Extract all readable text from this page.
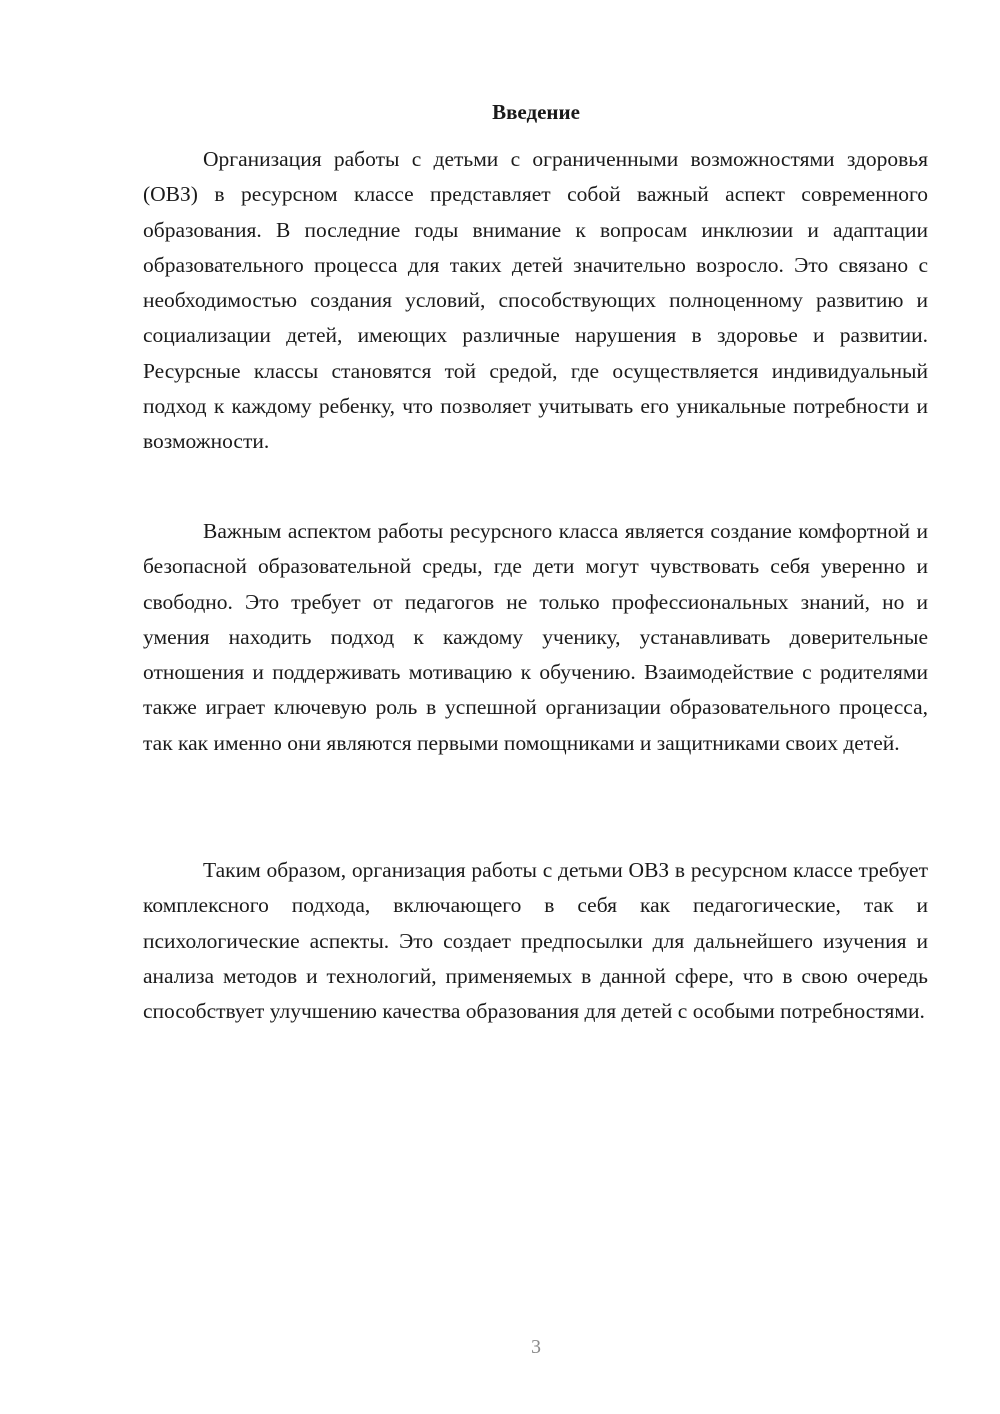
Введение

Организация работы с детьми с ограниченными возможностями здоровья (ОВЗ) в ресурсном классе представляет собой важный аспект современного образования. В последние годы внимание к вопросам инклюзии и адаптации образовательного процесса для таких детей значительно возросло. Это связано с необходимостью создания условий, способствующих полноценному развитию и социализации детей, имеющих различные нарушения в здоровье и развитии. Ресурсные классы становятся той средой, где осуществляется индивидуальный подход к каждому ребенку, что позволяет учитывать его уникальные потребности и возможности.

Важным аспектом работы ресурсного класса является создание комфортной и безопасной образовательной среды, где дети могут чувствовать себя уверенно и свободно. Это требует от педагогов не только профессиональных знаний, но и умения находить подход к каждому ученику, устанавливать доверительные отношения и поддерживать мотивацию к обучению. Взаимодействие с родителями также играет ключевую роль в успешной организации образовательного процесса, так как именно они являются первыми помощниками и защитниками своих детей.

Таким образом, организация работы с детьми ОВЗ в ресурсном классе требует комплексного подхода, включающего в себя как педагогические, так и психологические аспекты. Это создает предпосылки для дальнейшего изучения и анализа методов и технологий, применяемых в данной сфере, что в свою очередь способствует улучшению качества образования для детей с особыми потребностями.

3
